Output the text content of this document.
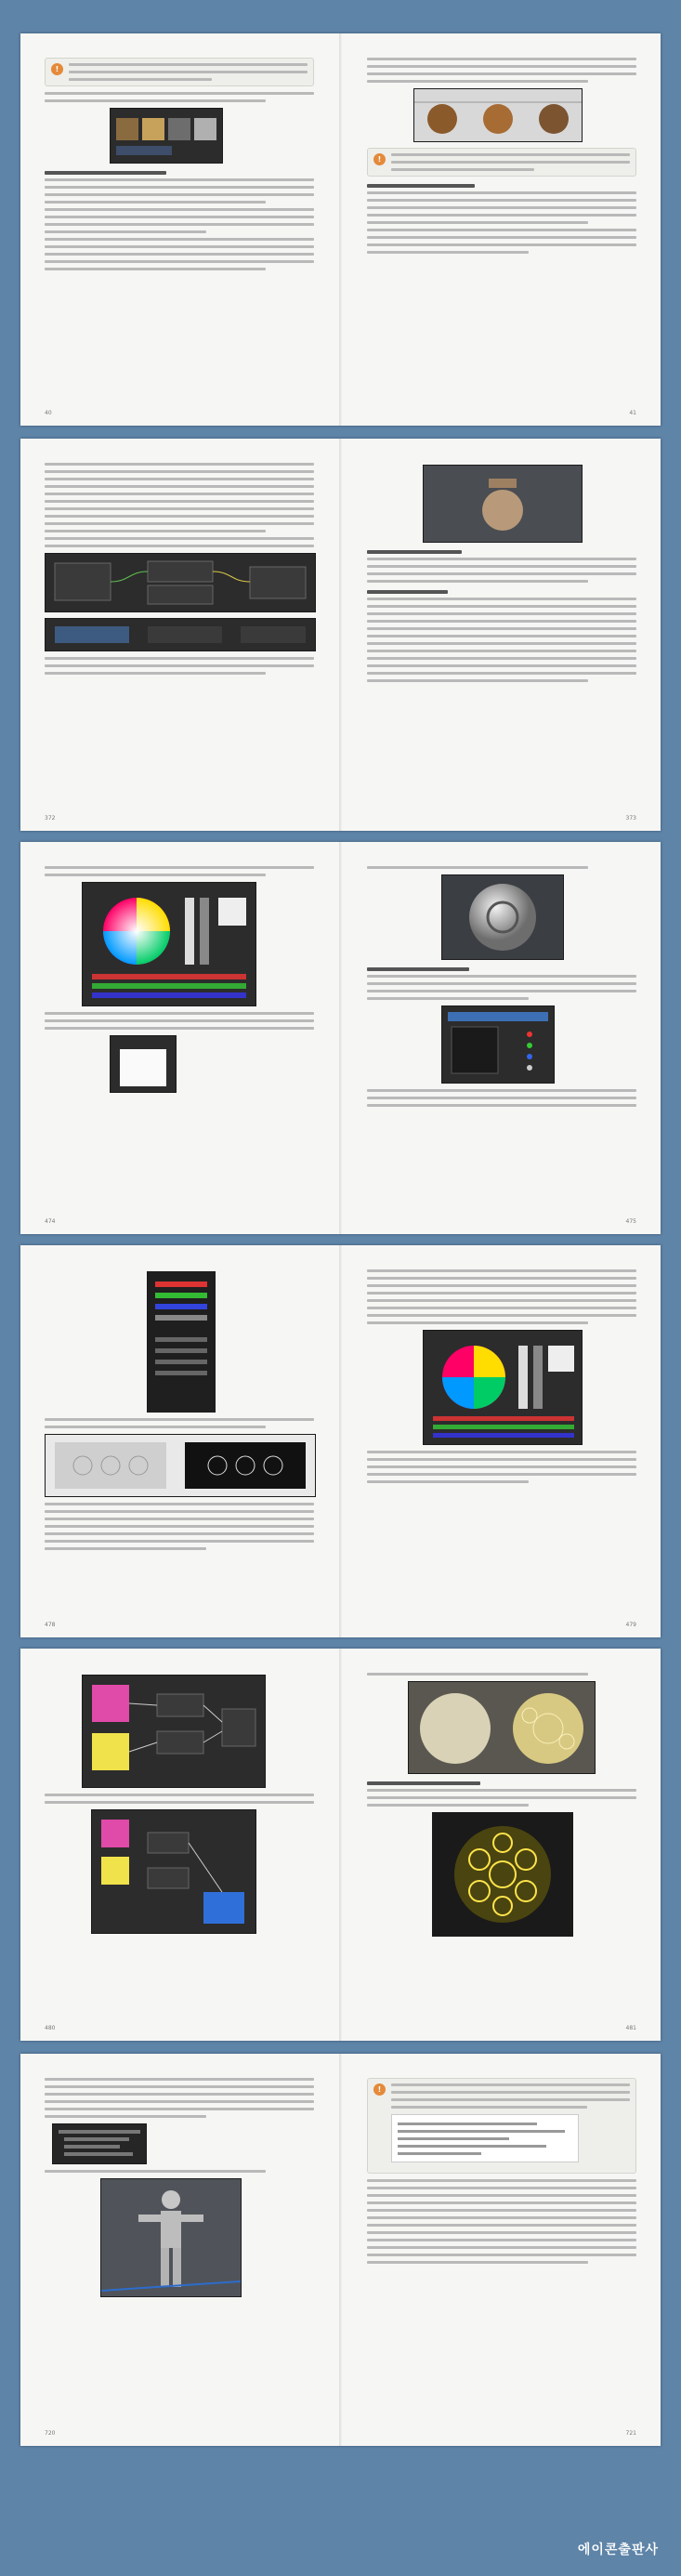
!
40
!
41
372	373
474	475
478	479
480	481
720
!
721
에이콘출판사
